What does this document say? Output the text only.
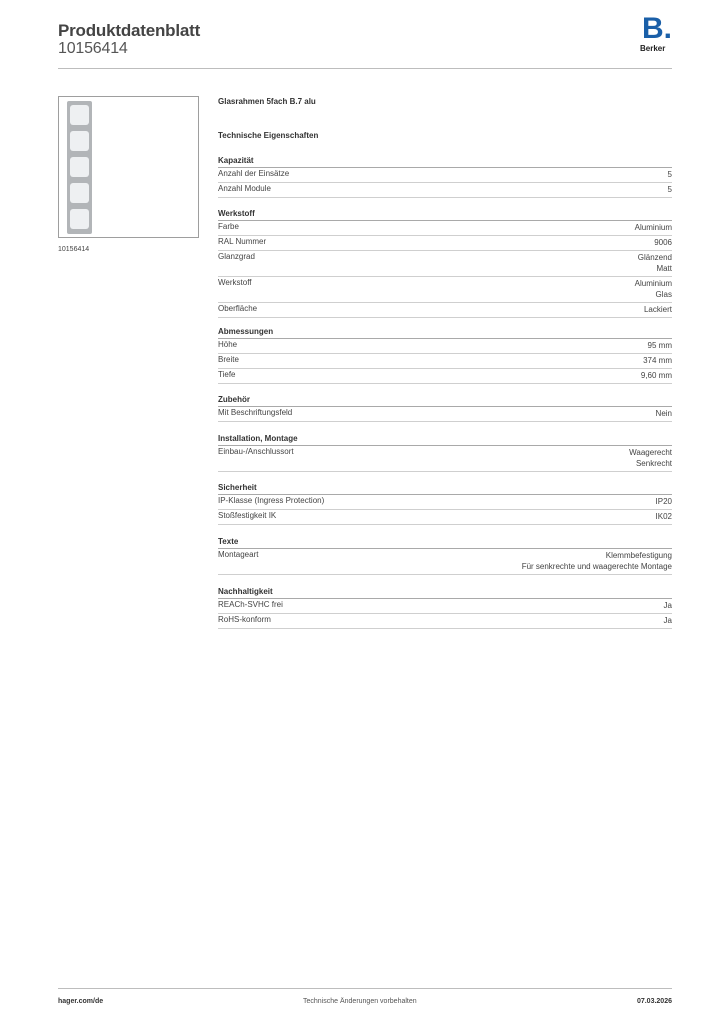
Produktdatenblatt
10156414
B.
Berker
10156414
Glasrahmen 5fach B.7 alu
Technische Eigenschaften
Kapazität
Anzahl der Einsätze	5
Anzahl Module	5
Werkstoff
Farbe	Aluminium
RAL Nummer	9006
Glanzgrad	Glänzend
Matt
Werkstoff	Aluminium
Glas
Oberfläche	Lackiert
Abmessungen
Höhe	95 mm
Breite	374 mm
Tiefe	9,60 mm
Zubehör
Mit Beschriftungsfeld	Nein
Installation, Montage
Einbau-/Anschlussort	Waagerecht
Senkrecht
Sicherheit
IP-Klasse (Ingress Protection)	IP20
Stoßfestigkeit IK	IK02
Texte
Montageart	Klemmbefestigung
Für senkrechte und waagerechte Montage
Nachhaltigkeit
REACh-SVHC frei	Ja
RoHS-konform	Ja
hager.com/de	Technische Änderungen vorbehalten	07.03.2026
